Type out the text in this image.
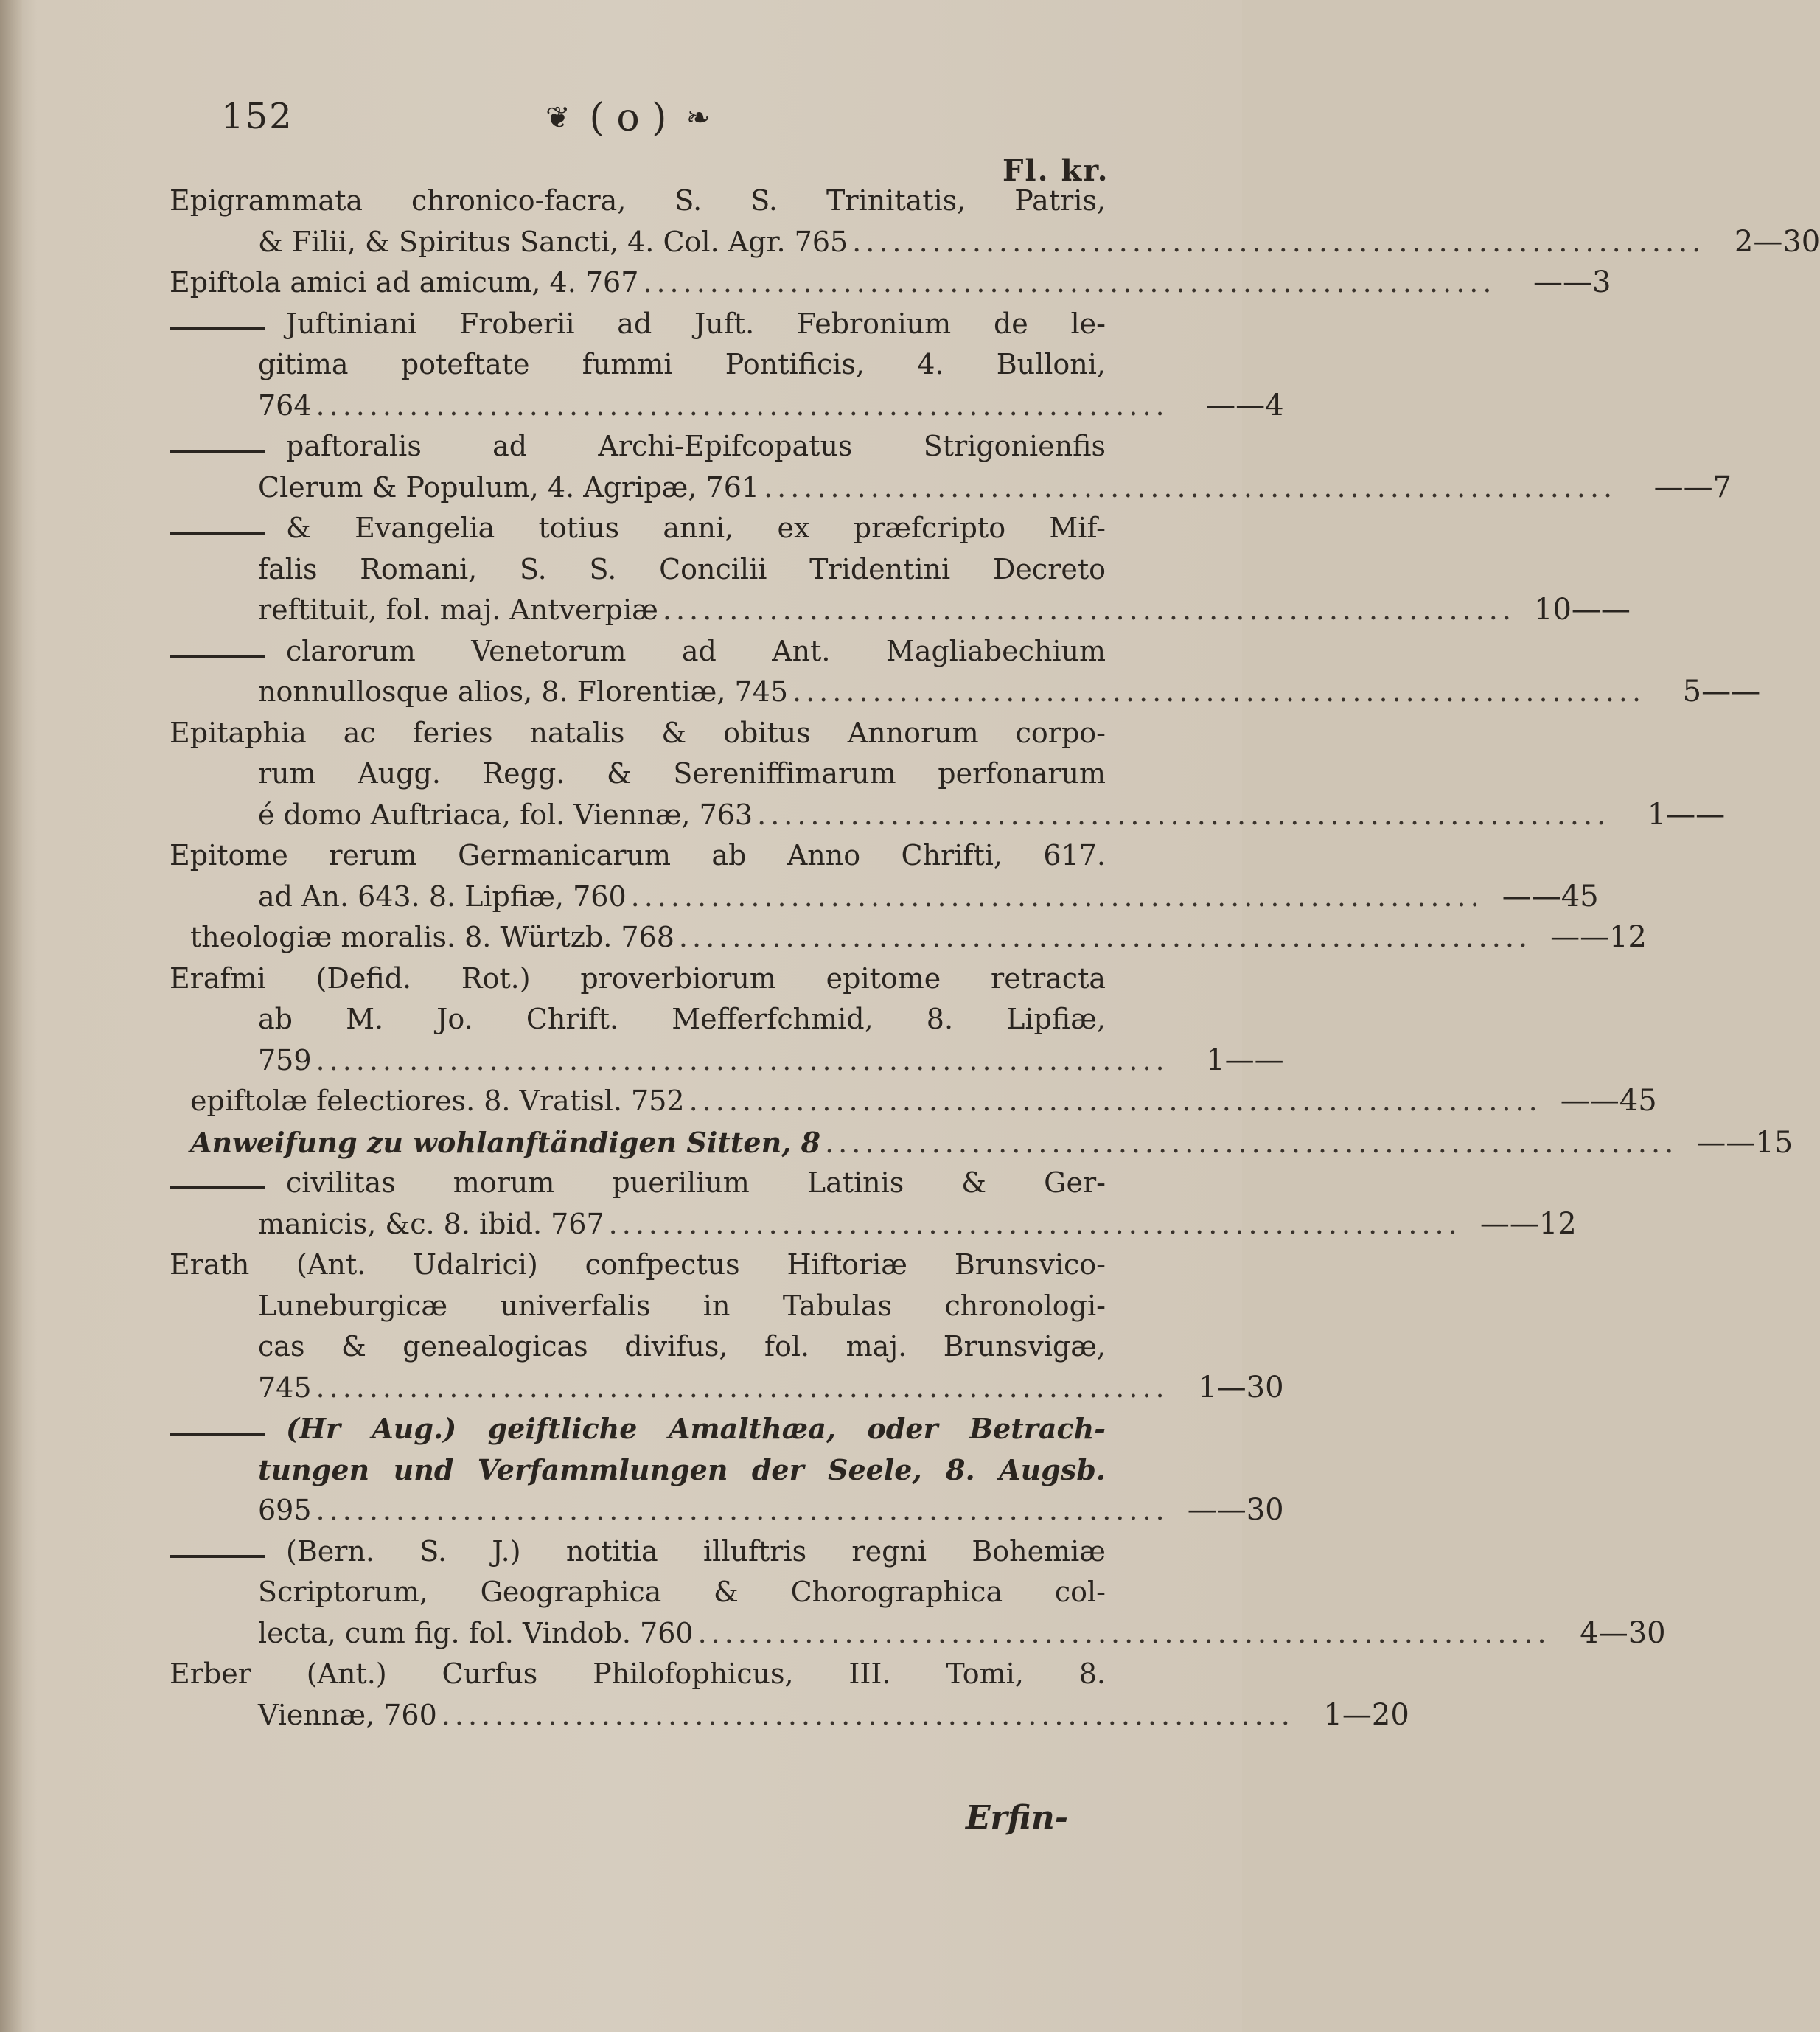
152	❦ ( o ) ❧
Fl. kr.
Epigrammata chronico-facra, S. S. Trinitatis, Patris,
& Filii, & Spiritus Sancti, 4. Col. Agr. 765 ................................................................ 2—30
Epiftola amici ad amicum, 4. 767 ................................................................	——3
Juftiniani Froberii ad Juft. Febronium de le-
gitima poteftate fummi Pontificis, 4. Bulloni,
764 ................................................................	——4
paftoralis ad Archi-Epifcopatus Strigonienfis
Clerum & Populum, 4. Agripæ, 761 ................................................................	——7
& Evangelia totius anni, ex præfcripto Mif-
falis Romani, S. S. Concilii Tridentini Decreto
reftituit, fol. maj. Antverpiæ ................................................................ 10——
clarorum Venetorum ad Ant. Magliabechium
nonnullosque alios, 8. Florentiæ, 745 ................................................................	5——
Epitaphia ac feries natalis & obitus Annorum corpo-
rum Augg. Regg. & Sereniffimarum perfonarum
é domo Auftriaca, fol. Viennæ, 763 ................................................................	1——
Epitome rerum Germanicarum ab Anno Chrifti, 617.
ad An. 643. 8. Lipfiæ, 760 ................................................................ ——45
theologiæ moralis. 8. Würtzb. 768 ................................................................ ——12
Erafmi (Defid. Rot.) proverbiorum epitome retracta
ab M. Jo. Chrift. Mefferfchmid, 8. Lipfiæ,
759 ................................................................	1——
epiftolæ felectiores. 8. Vratisl. 752 ................................................................ ——45
Anweifung zu wohlanftändigen Sitten, 8 ................................................................ ——15
civilitas morum puerilium Latinis & Ger-
manicis, &c. 8. ibid. 767 ................................................................ ——12
Erath (Ant. Udalrici) confpectus Hiftoriæ Brunsvico-
Luneburgicæ univerfalis in Tabulas chronologi-
cas & genealogicas divifus, fol. maj. Brunsvigæ,
745 ................................................................ 1—30
(Hr Aug.) geiftliche Amalthæa, oder Betrach-
tungen und Verfammlungen der Seele, 8. Augsb.
695 ................................................................ ——30
(Bern. S. J.) notitia illuftris regni Bohemiæ
Scriptorum, Geographica & Chorographica col-
lecta, cum fig. fol. Vindob. 760 ................................................................ 4—30
Erber (Ant.) Curfus Philofophicus, III. Tomi, 8.
Viennæ, 760 ................................................................ 1—20
Erfin-
